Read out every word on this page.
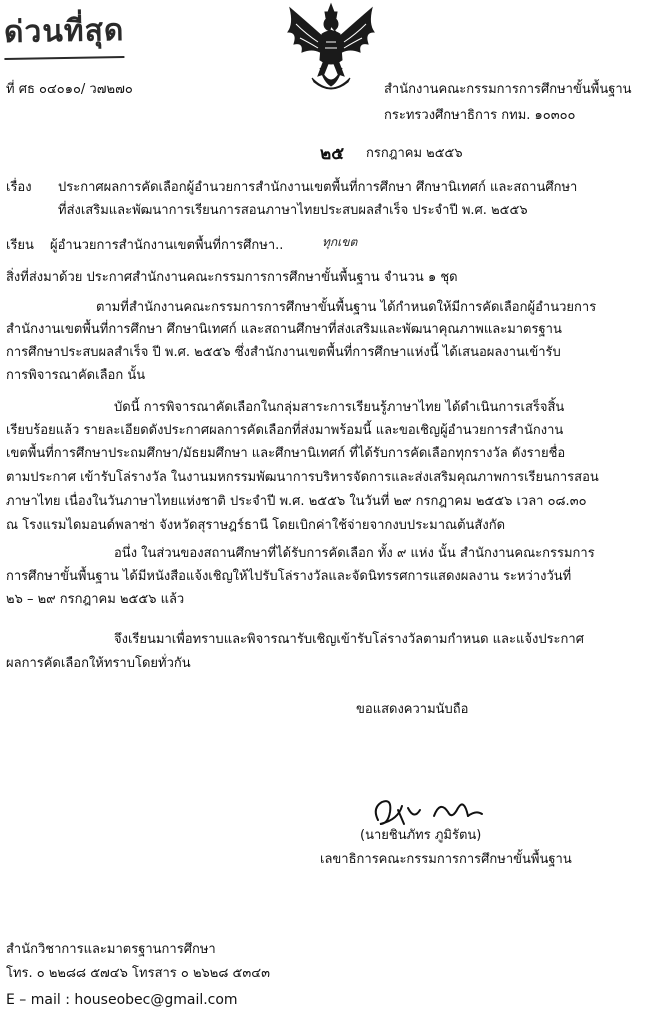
ด่วนที่สุด
ที่ ศธ ๐๔๐๑๐/ ว๗๒๗๐	สำนักงานคณะกรรมการการศึกษาขั้นพื้นฐาน
กระทรวงศึกษาธิการ กทม. ๑๐๓๐๐
๒๕ กรกฎาคม ๒๕๕๖
เรื่อง ประกาศผลการคัดเลือกผู้อำนวยการสำนักงานเขตพื้นที่การศึกษา ศึกษานิเทศก์ และสถานศึกษา
ที่ส่งเสริมและพัฒนาการเรียนการสอนภาษาไทยประสบผลสำเร็จ ประจำปี พ.ศ. ๒๕๕๖
เรียน ผู้อำนวยการสำนักงานเขตพื้นที่การศึกษา..	ทุกเขต
สิ่งที่ส่งมาด้วย ประกาศสำนักงานคณะกรรมการการศึกษาขั้นพื้นฐาน จำนวน ๑ ชุด
ตามที่สำนักงานคณะกรรมการการศึกษาขั้นพื้นฐาน ได้กำหนดให้มีการคัดเลือกผู้อำนวยการ
สำนักงานเขตพื้นที่การศึกษา ศึกษานิเทศก์ และสถานศึกษาที่ส่งเสริมและพัฒนาคุณภาพและมาตรฐาน
การศึกษาประสบผลสำเร็จ ปี พ.ศ. ๒๕๕๖ ซึ่งสำนักงานเขตพื้นที่การศึกษาแห่งนี้ ได้เสนอผลงานเข้ารับ
การพิจารณาคัดเลือก นั้น
บัดนี้ การพิจารณาคัดเลือกในกลุ่มสาระการเรียนรู้ภาษาไทย ได้ดำเนินการเสร็จสิ้น
เรียบร้อยแล้ว รายละเอียดดังประกาศผลการคัดเลือกที่ส่งมาพร้อมนี้ และขอเชิญผู้อำนวยการสำนักงาน
เขตพื้นที่การศึกษาประถมศึกษา/มัธยมศึกษา และศึกษานิเทศก์ ที่ได้รับการคัดเลือกทุกรางวัล ดังรายชื่อ
ตามประกาศ เข้ารับโล่รางวัล ในงานมหกรรมพัฒนาการบริหารจัดการและส่งเสริมคุณภาพการเรียนการสอน
ภาษาไทย เนื่องในวันภาษาไทยแห่งชาติ ประจำปี พ.ศ. ๒๕๕๖ ในวันที่ ๒๙ กรกฎาคม ๒๕๕๖ เวลา ๐๘.๓๐
ณ โรงแรมไดมอนด์พลาซ่า จังหวัดสุราษฎร์ธานี โดยเบิกค่าใช้จ่ายจากงบประมาณต้นสังกัด
อนึ่ง ในส่วนของสถานศึกษาที่ได้รับการคัดเลือก ทั้ง ๙ แห่ง นั้น สำนักงานคณะกรรมการ
การศึกษาขั้นพื้นฐาน ได้มีหนังสือแจ้งเชิญให้ไปรับโล่รางวัลและจัดนิทรรศการแสดงผลงาน ระหว่างวันที่
๒๖ – ๒๙ กรกฎาคม ๒๕๕๖ แล้ว
จึงเรียนมาเพื่อทราบและพิจารณารับเชิญเข้ารับโล่รางวัลตามกำหนด และแจ้งประกาศ
ผลการคัดเลือกให้ทราบโดยทั่วกัน
ขอแสดงความนับถือ
(นายชินภัทร ภูมิรัตน)
เลขาธิการคณะกรรมการการศึกษาขั้นพื้นฐาน
สำนักวิชาการและมาตรฐานการศึกษา
โทร. ๐ ๒๒๘๘ ๕๗๔๖ โทรสาร ๐ ๒๖๒๘ ๕๓๔๓
E – mail : houseobec@gmail.com
